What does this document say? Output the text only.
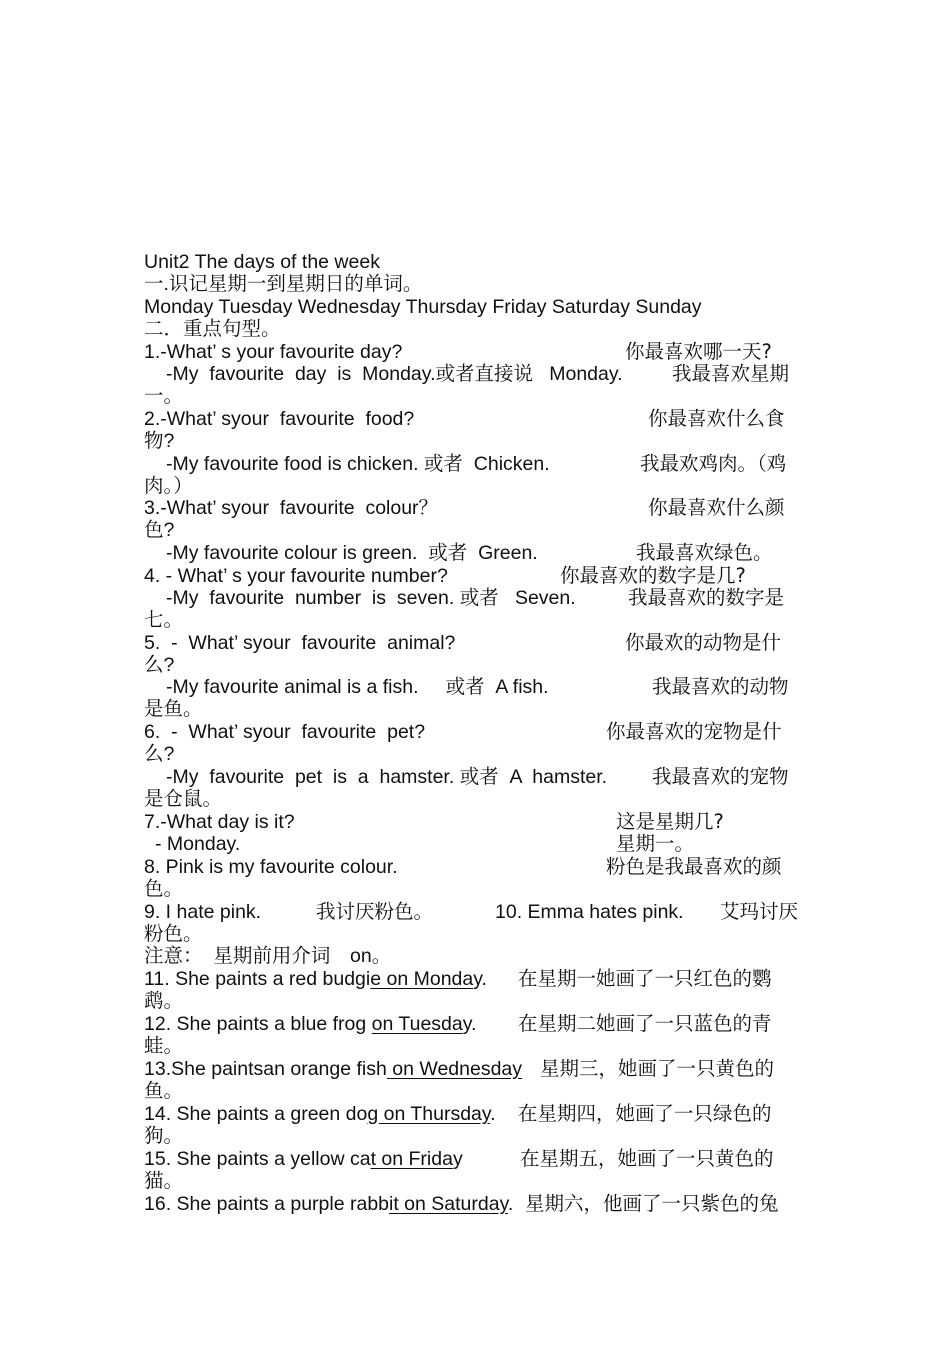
Unit2 The days of the week
一.识记星期一到星期日的单词。
Monday Tuesday Wednesday Thursday Friday Saturday Sunday
二．重点句型。
1.-What’ s your favourite day?	你最喜欢哪一天?
-My  favourite  day  is  Monday.或者直接说   Monday.	我最喜欢星期
一。
2.-What’ syour  favourite  food?	你最喜欢什么食
物?
-My favourite food is chicken. 或者  Chicken.	我最欢鸡肉。（鸡
肉。）
3.-What’ syour  favourite  colour？	你最喜欢什么颜
色?
-My favourite colour is green.  或者  Green.	我最喜欢绿色。
4. - What’ s your favourite number?	你最喜欢的数字是几?
-My  favourite  number  is  seven. 或者   Seven.	我最喜欢的数字是
七。
5.  -  What’ syour  favourite  animal?	你最欢的动物是什
么?
-My favourite animal is a fish.     或者  A fish.	我最喜欢的动物
是鱼。
6.  -  What’ syour  favourite  pet?	你最喜欢的宠物是什
么?
-My  favourite  pet  is  a  hamster. 或者  A  hamster. 我最喜欢的宠物
是仓鼠。
7.-What day is it?	这是星期几?
- Monday.	星期一。
8. Pink is my favourite colour.	粉色是我最喜欢的颜
色。
9. I hate pink.	我讨厌粉色。	10. Emma hates pink. 艾玛讨厌
粉色。
注意：  星期前用介词 on。
11. She paints a red budgie on Monday. 在星期一她画了一只红色的鹦
鹉。
12. She paints a blue frog on Tuesday. 在星期二她画了一只蓝色的青
蛙。
13.She paintsan orange fish on Wednesday 星期三，她画了一只黄色的
鱼。
14. She paints a green dog on Thursday. 在星期四，她画了一只绿色的
狗。
15. She paints a yellow cat on Friday	在星期五，她画了一只黄色的
猫。
16. She paints a purple rabbit on Saturday. 星期六，他画了一只紫色的兔
